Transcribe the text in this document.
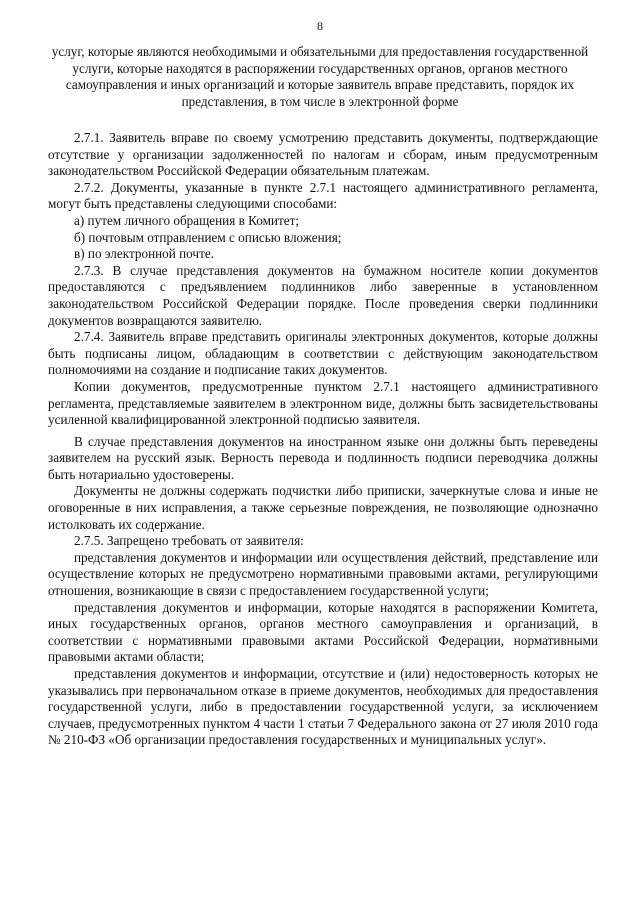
8
услуг, которые являются необходимыми и обязательными для предоставления государственной услуги, которые находятся в распоряжении государственных органов, органов местного самоуправления и иных организаций и которые заявитель вправе представить, порядок их представления, в том числе в электронной форме

2.7.1. Заявитель вправе по своему усмотрению представить документы, подтверждающие отсутствие у организации задолженностей по налогам и сборам, иным предусмотренным законодательством Российской Федерации обязательным платежам.

2.7.2. Документы, указанные в пункте 2.7.1 настоящего административного регламента, могут быть представлены следующими способами:

а) путем личного обращения в Комитет;

б) почтовым отправлением с описью вложения;

в) по электронной почте.

2.7.3. В случае представления документов на бумажном носителе копии документов предоставляются с предъявлением подлинников либо заверенные в установленном законодательством Российской Федерации порядке. После проведения сверки подлинники документов возвращаются заявителю.

2.7.4. Заявитель вправе представить оригиналы электронных документов, которые должны быть подписаны лицом, обладающим в соответствии с действующим законодательством полномочиями на создание и подписание таких документов.

Копии документов, предусмотренные пунктом 2.7.1 настоящего административного регламента, представляемые заявителем в электронном виде, должны быть засвидетельствованы усиленной квалифицированной электронной подписью заявителя.

В случае представления документов на иностранном языке они должны быть переведены заявителем на русский язык. Верность перевода и подлинность подписи переводчика должны быть нотариально удостоверены.

Документы не должны содержать подчистки либо приписки, зачеркнутые слова и иные не оговоренные в них исправления, а также серьезные повреждения, не позволяющие однозначно истолковать их содержание.

2.7.5. Запрещено требовать от заявителя:

представления документов и информации или осуществления действий, представление или осуществление которых не предусмотрено нормативными правовыми актами, регулирующими отношения, возникающие в связи с предоставлением государственной услуги;

представления документов и информации, которые находятся в распоряжении Комитета, иных государственных органов, органов местного самоуправления и организаций, в соответствии с нормативными правовыми актами Российской Федерации, нормативными правовыми актами области;

представления документов и информации, отсутствие и (или) недостоверность которых не указывались при первоначальном отказе в приеме документов, необходимых для предоставления государственной услуги, либо в предоставлении государственной услуги, за исключением случаев, предусмотренных пунктом 4 части 1 статьи 7 Федерального закона от 27 июля 2010 года № 210-ФЗ «Об организации предоставления государственных и муниципальных услуг».
